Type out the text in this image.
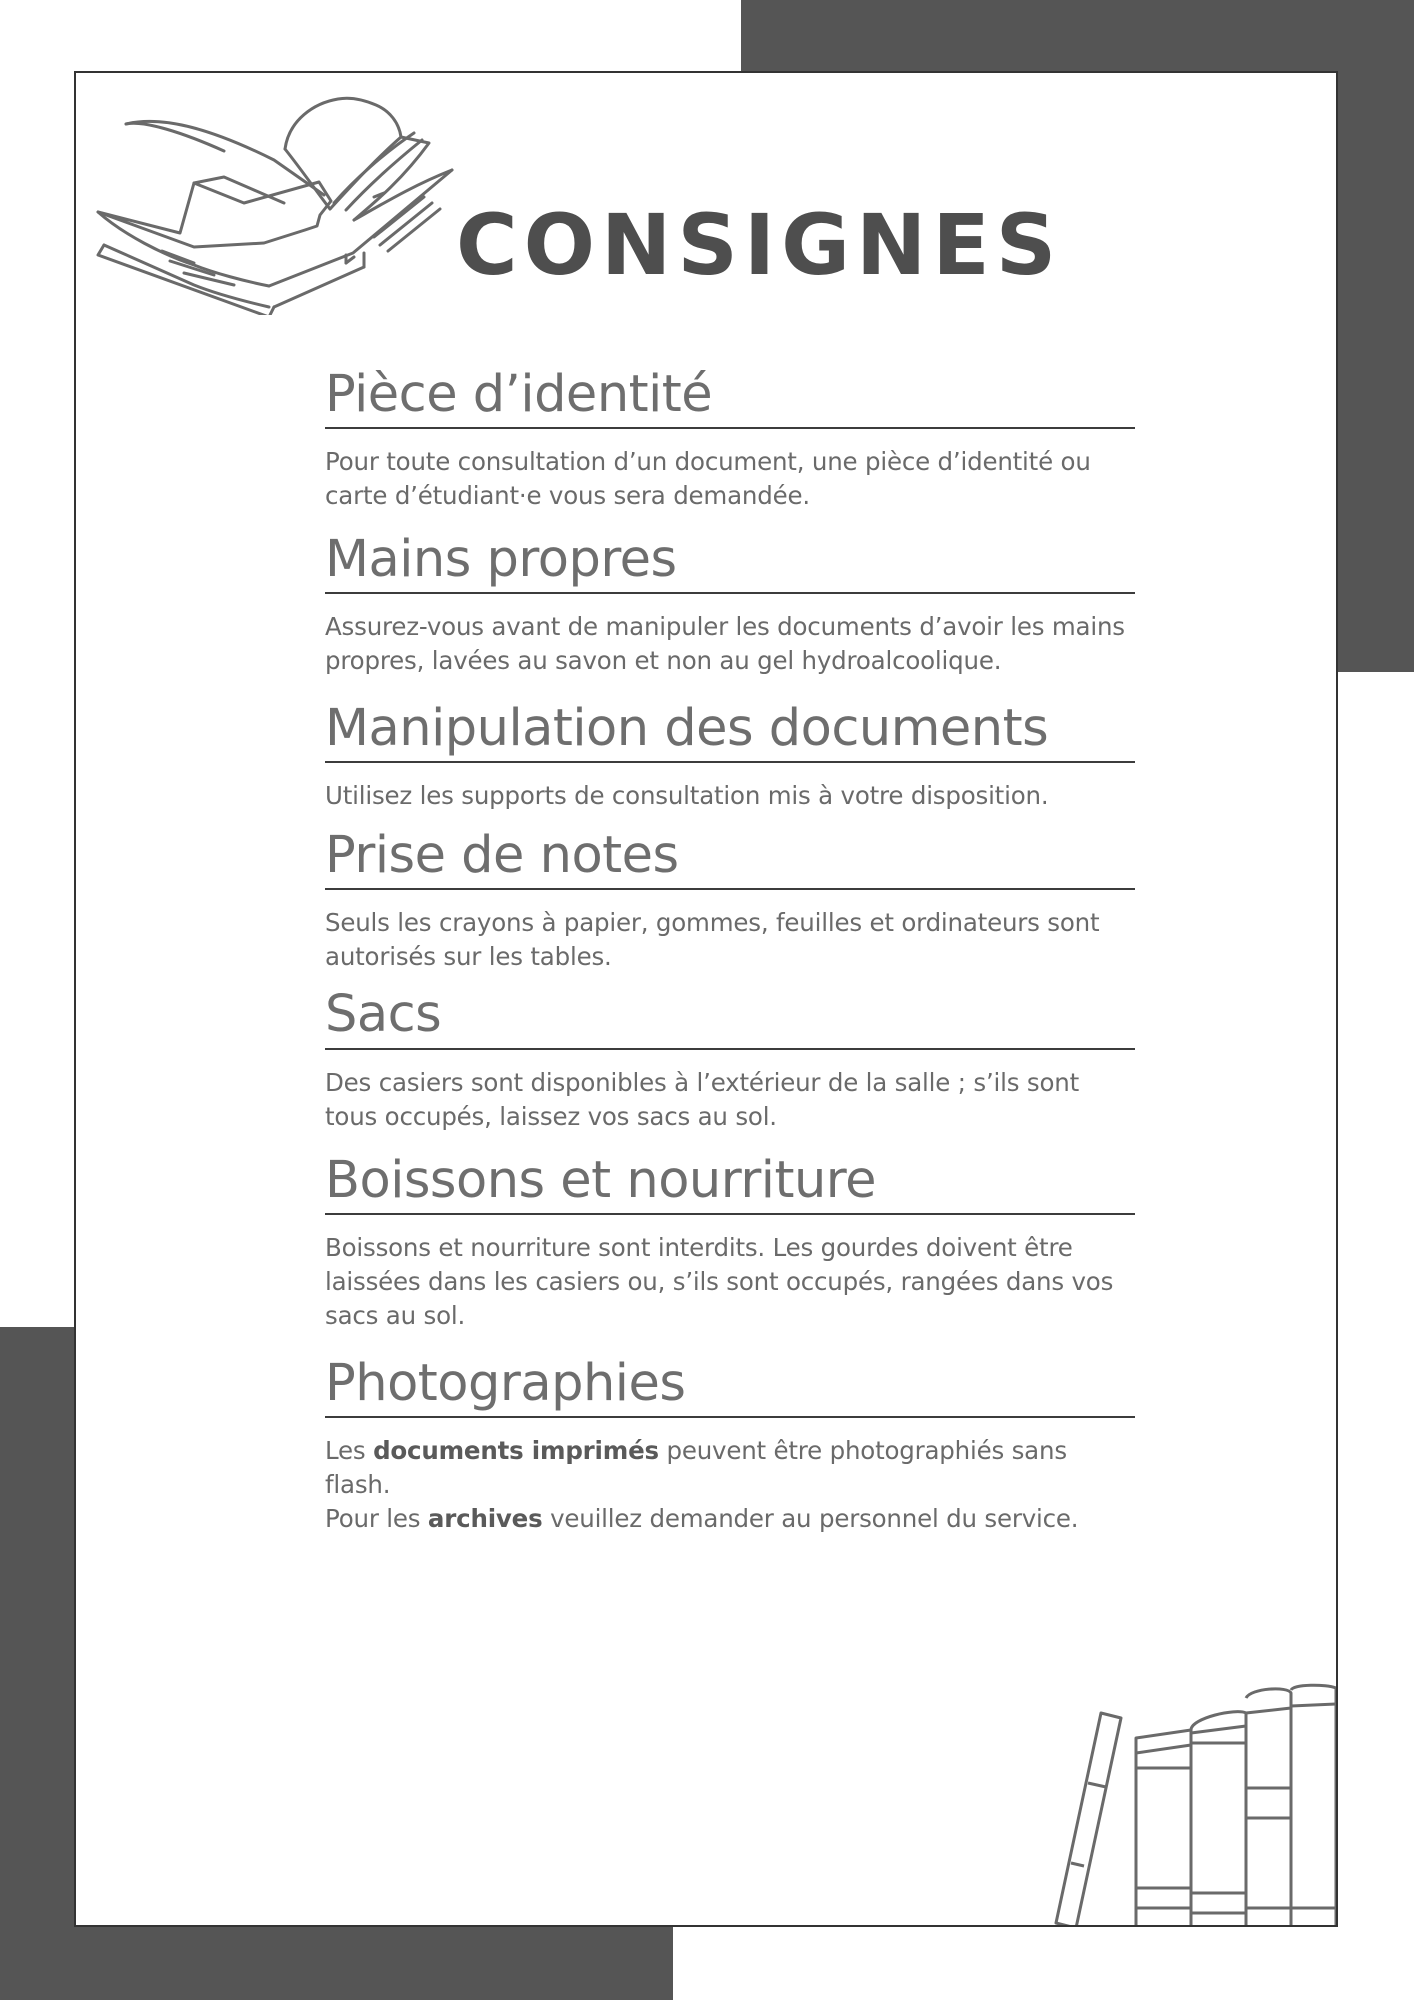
CONSIGNES
Pièce d’identité

Pour toute consultation d’un document, une pièce d’identité ou carte d’étudiant·e vous sera demandée.

Mains propres

Assurez-vous avant de manipuler les documents d’avoir les mains propres, lavées au savon et non au gel hydroalcoolique.

Manipulation des documents

Utilisez les supports de consultation mis à votre disposition.

Prise de notes

Seuls les crayons à papier, gommes, feuilles et ordinateurs sont autorisés sur les tables.

Sacs

Des casiers sont disponibles à l’extérieur de la salle ; s’ils sont tous occupés, laissez vos sacs au sol.

Boissons et nourriture

Boissons et nourriture sont interdits. Les gourdes doivent être laissées dans les casiers ou, s’ils sont occupés, rangées dans vos sacs au sol.

Photographies

Les documents imprimés peuvent être photographiés sans flash.
Pour les archives veuillez demander au personnel du service.
